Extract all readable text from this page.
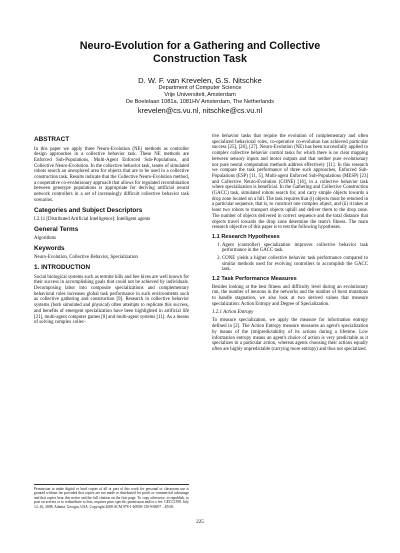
Neuro-Evolution for a Gathering and Collective
Construction Task
D. W. F. van Krevelen, G.S. Nitschke
Department of Computer Science
Vrije Universiteit, Amsterdam
De Boelelaan 1081a, 1081HV Amsterdam, The Netherlands
krevelen@cs.vu.nl, nitschke@cs.vu.nl
ABSTRACT

In this paper we apply three Neuro-Evolution (NE) methods as controller design approaches in a collective behavior task. These NE methods are Enforced Sub-Populations, Multi-Agent Enforced Sub-Populations, and Collective Neuro-Evolution. In the collective behavior task, teams of simulated robots search an unexplored area for objects that are to be used in a collective construction task. Results indicate that the Collective Neuro-Evolution method, a cooperative co-evolutionary approach that allows for regulated recombination between genotype populations is appropriate for deriving artificial neural network controllers in a set of increasingly difficult collective behavior task scenarios.

Categories and Subject Descriptors

I.2.11 [Distributed Artificial Intelligence]: Intelligent agents

General Terms

Algorithms

Keywords

Neuro-Evolution, Collective Behavior, Specialization

1. INTRODUCTION

Social biological systems such as termite hills and bee hives are well known for their success in accomplishing goals that could not be achieved by individuals. Decomposing labor into composite specializations and complementary behavioral roles increases global task performance in such environments such as collective gathering and construction [9]. Research in collective behavior systems (both simulated and physical) often attempts to replicate this success, and benefits of emergent specialization have been highlighted in artificial life [21], multi-agent computer games [8] and multi-agent systems [11]. As a means of solving complex collec-

Permission to make digital or hard copies of all or part of this work for personal or classroom use is granted without fee provided that copies are not made or distributed for profit or commercial advantage and that copies bear this notice and the full citation on the first page. To copy otherwise, to republish, to post on servers or to redistribute to lists, requires prior specific permission and/or a fee. GECCO'08, July 12–16, 2008, Atlanta, Georgia, USA. Copyright 2008 ACM 978-1-60558-130-9/08/07 ...$5.00.

tive behavior tasks that require the evolution of complementary and often specialized behavioral roles, co-operative co-evolution has achieved particular success [25], [26], [27]. Neuro-Evolution (NE) has been successfully applied to complex collective behavior control tasks for which there is no clear mapping between sensory inputs and motor outputs and that neither pure evolutionary nor pure neural computation methods address effectively [11]. In this research we compare the task performance of three such approaches, Enforced Sub-Populations (ESP) [11, 5], Multi-agent Enforced Sub-Populations (MESP) [23] and Collective Neuro-Evolution (CONE) [16], in a collective behavior task where specialization is beneficial. In the Gathering and Collective Construction (GACC) task, simulated robots search for, and carry simple objects towards a drop zone located on a hill. The task requires that (i) objects must be returned in a particular sequence, that is, to construct one complex object, and (ii) it takes at least two robots to transport objects uphill and deliver them to the drop zone. The number of objects delivered in correct sequence and the total distance that objects travel towards the drop zone determine the team's fitness. The main research objective of this paper is to test the following hypotheses.

1.1 Research Hypotheses
1. Agent (controller) specialization improves collective behavior task performance in the GACC task.
2. CONE yields a higher collective behavior task performance compared to similar methods used for evolving controllers to accomplish the GACC task.
1.2 Task Performance Measures

Besides looking at the best fitness and difficulty level during an evolutionary run, the number of neurons in the networks and the number of burst mutations to handle stagnation, we also look at two derived values that measure specialization: Action Entropy and Degree of Specialization.

1.2.1 Action Entropy

To measure specialization, we apply the measure for information entropy defined in [2]. The Action Entropy measure measures an agent's specialization by means of the (im)predictability of its actions during a lifetime. Low information entropy means an agent's choice of action is very predictable as it specializes in a particular action, whereas agents choosing their actions equally often are highly unpredictable (carrying more entropy) and thus not specialized.

225
